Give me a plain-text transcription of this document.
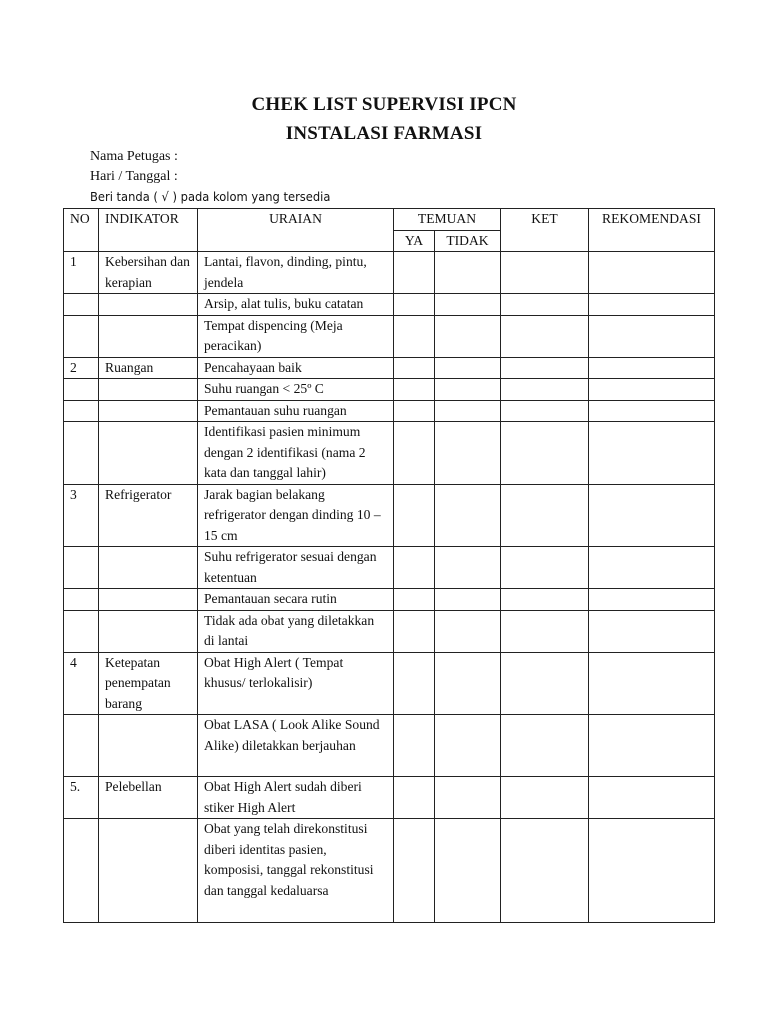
CHEK LIST SUPERVISI IPCN
INSTALASI FARMASI
Nama Petugas :
Hari / Tanggal :
Beri tanda ( √ ) pada kolom yang tersedia
NO	INDIKATOR	URAIAN	TEMUAN		KET	REKOMENDASI
			YA	TIDAK		
1	Kebersihan dan kerapian	Lantai, flavon, dinding, pintu, jendela				
		Arsip, alat tulis, buku catatan				
		Tempat dispencing (Meja peracikan)				
2	Ruangan	Pencahayaan baik				
		Suhu ruangan < 25º C				
		Pemantauan suhu ruangan				
		Identifikasi pasien minimum dengan 2 identifikasi (nama 2 kata dan tanggal lahir)				
3	Refrigerator	Jarak bagian belakang refrigerator dengan dinding 10 – 15 cm				
		Suhu refrigerator sesuai dengan ketentuan				
		Pemantauan secara rutin				
		Tidak ada obat yang diletakkan di lantai				
4	Ketepatan penempatan barang	Obat High Alert ( Tempat khusus/ terlokalisir)				
		Obat LASA ( Look Alike Sound Alike) diletakkan berjauhan				
5.	Pelebellan	Obat High Alert sudah diberi stiker High Alert				
		Obat yang telah direkonstitusi diberi identitas pasien, komposisi, tanggal rekonstitusi dan tanggal kedaluarsa				
